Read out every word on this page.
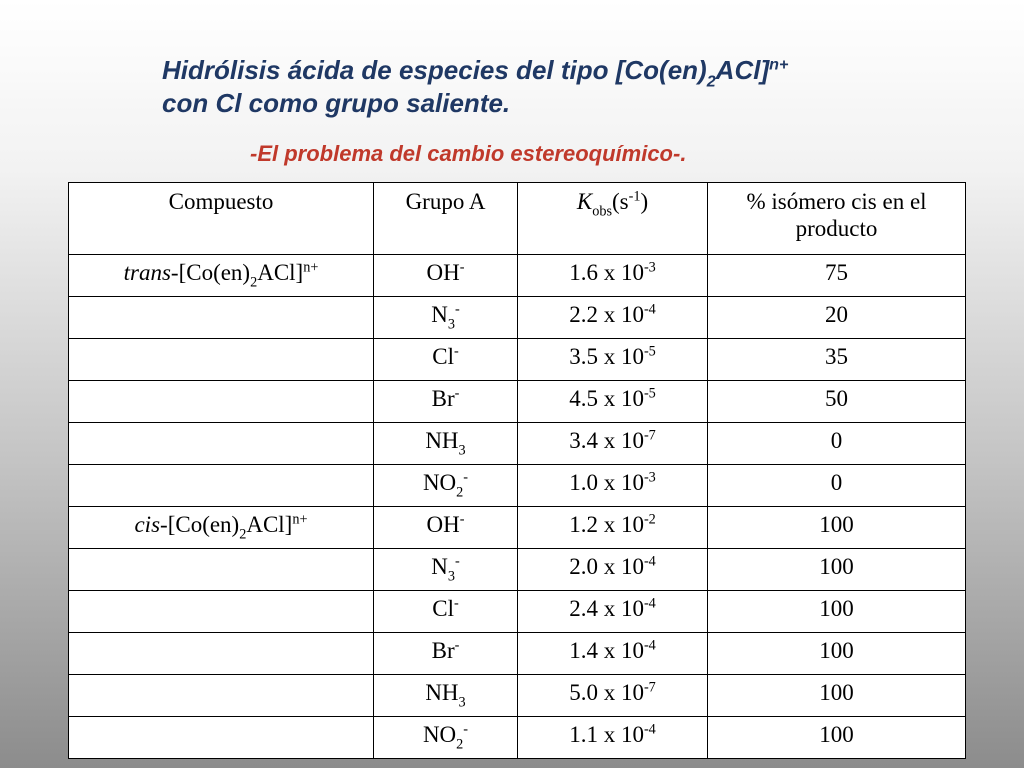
Hidrólisis ácida de especies del tipo $[Co(en)_2ACl]^{n+}$
con Cl como grupo saliente.

-El problema del cambio estereoquímico-.

Compuesto	Grupo A	$K_{obs}(s^{-1})$	% isómero cis en el producto
trans-$[Co(en)_2ACl]^{n+}$	OH-	1.6 x $10^{-3}$	75
	$N_3^-$	2.2 x $10^{-4}$	20
	Cl-	3.5 x $10^{-5}$	35
	Br-	4.5 x $10^{-5}$	50
	$NH_3$	3.4 x $10^{-7}$	0
	$NO_2^-$	1.0 x $10^{-3}$	0
cis-$[Co(en)_2ACl]^{n+}$	OH-	1.2 x $10^{-2}$	100
	$N_3^-$	2.0 x $10^{-4}$	100
	Cl-	2.4 x $10^{-4}$	100
	Br-	1.4 x $10^{-4}$	100
	$NH_3$	5.0 x $10^{-7}$	100
	$NO_2^-$	1.1 x $10^{-4}$	100
